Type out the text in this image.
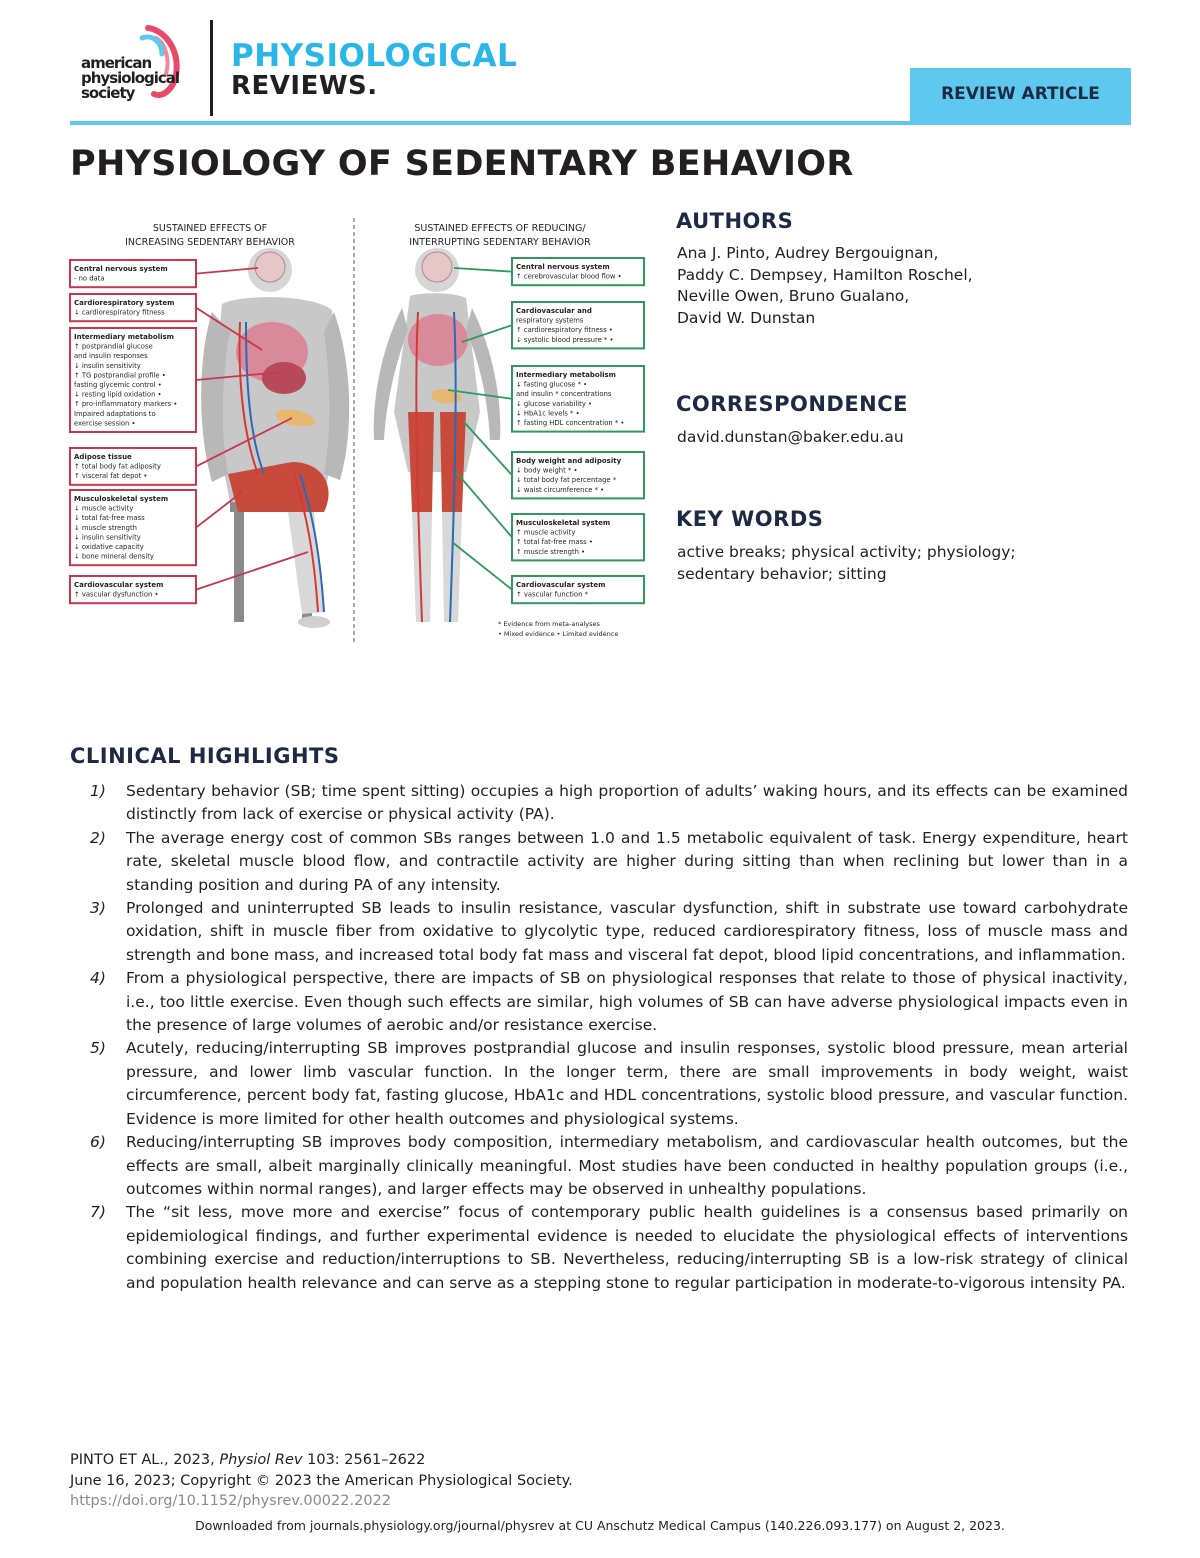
american
physiological
society
PHYSIOLOGICAL
REVIEWS.	REVIEW ARTICLE
PHYSIOLOGY OF SEDENTARY BEHAVIOR
SUSTAINED EFFECTS OF
INCREASING SEDENTARY BEHAVIOR
SUSTAINED EFFECTS OF REDUCING/
INTERRUPTING SEDENTARY BEHAVIOR
Central nervous system
- no data
Cardiorespiratory system
↓ cardiorespiratory fitness
Intermediary metabolism
↑ postprandial glucose
and insulin responses
↓ insulin sensitivity
↑ TG postprandial profile •
fasting glycemic control •
↓ resting lipid oxidation •
↑ pro-inflammatory markers •
Impaired adaptations to
exercise session •
Adipose tissue
↑ total body fat adiposity
↑ visceral fat depot •
Musculoskeletal system
↓ muscle activity
↓ total fat-free mass
↓ muscle strength
↓ insulin sensitivity
↓ oxidative capacity
↓ bone mineral density
Cardiovascular system
↑ vascular dysfunction •
Central nervous system
↑ cerebrovascular blood flow •
Cardiovascular and
respiratory systems
↑ cardiorespiratory fitness •
↓ systolic blood pressure * •
Intermediary metabolism
↓ fasting glucose * •
and insulin * concentrations
↓ glucose variability •
↓ HbA1c levels * •
↑ fasting HDL concentration * •
Body weight and adiposity
↓ body weight * •
↓ total body fat percentage *
↓ waist circumference * •
Musculoskeletal system
↑ muscle activity
↑ total fat-free mass •
↑ muscle strength •
Cardiovascular system
↑ vascular function *
* Evidence from meta-analyses
• Mixed evidence • Limited evidence
AUTHORS
Ana J. Pinto, Audrey Bergouignan,
Paddy C. Dempsey, Hamilton Roschel,
Neville Owen, Bruno Gualano,
David W. Dunstan
CORRESPONDENCE
david.dunstan@baker.edu.au
KEY WORDS
active breaks; physical activity; physiology;
sedentary behavior; sitting
CLINICAL HIGHLIGHTS
1) Sedentary behavior (SB; time spent sitting) occupies a high proportion of adults’ waking hours, and its effects can be examined distinctly from lack of exercise or physical activity (PA).
2) The average energy cost of common SBs ranges between 1.0 and 1.5 metabolic equivalent of task. Energy expenditure, heart rate, skeletal muscle blood flow, and contractile activity are higher during sitting than when reclining but lower than in a standing position and during PA of any intensity.
3) Prolonged and uninterrupted SB leads to insulin resistance, vascular dysfunction, shift in substrate use toward carbohydrate oxidation, shift in muscle fiber from oxidative to glycolytic type, reduced cardiorespiratory fitness, loss of muscle mass and strength and bone mass, and increased total body fat mass and visceral fat depot, blood lipid concentrations, and inflammation.
4) From a physiological perspective, there are impacts of SB on physiological responses that relate to those of physical inactivity, i.e., too little exercise. Even though such effects are similar, high volumes of SB can have adverse physiological impacts even in the presence of large volumes of aerobic and/or resistance exercise.
5) Acutely, reducing/interrupting SB improves postprandial glucose and insulin responses, systolic blood pressure, mean arterial pressure, and lower limb vascular function. In the longer term, there are small improvements in body weight, waist circumference, percent body fat, fasting glucose, HbA1c and HDL concentrations, systolic blood pressure, and vascular function. Evidence is more limited for other health outcomes and physiological systems.
6) Reducing/interrupting SB improves body composition, intermediary metabolism, and cardiovascular health outcomes, but the effects are small, albeit marginally clinically meaningful. Most studies have been conducted in healthy population groups (i.e., outcomes within normal ranges), and larger effects may be observed in unhealthy populations.
7) The “sit less, move more and exercise” focus of contemporary public health guidelines is a consensus based primarily on epidemiological findings, and further experimental evidence is needed to elucidate the physiological effects of interventions combining exercise and reduction/interruptions to SB. Nevertheless, reducing/interrupting SB is a low-risk strategy of clinical and population health relevance and can serve as a stepping stone to regular participation in moderate-to-vigorous intensity PA.
PINTO ET AL., 2023, Physiol Rev 103: 2561–2622
June 16, 2023; Copyright © 2023 the American Physiological Society.
https://doi.org/10.1152/physrev.00022.2022
Downloaded from journals.physiology.org/journal/physrev at CU Anschutz Medical Campus (140.226.093.177) on August 2, 2023.
